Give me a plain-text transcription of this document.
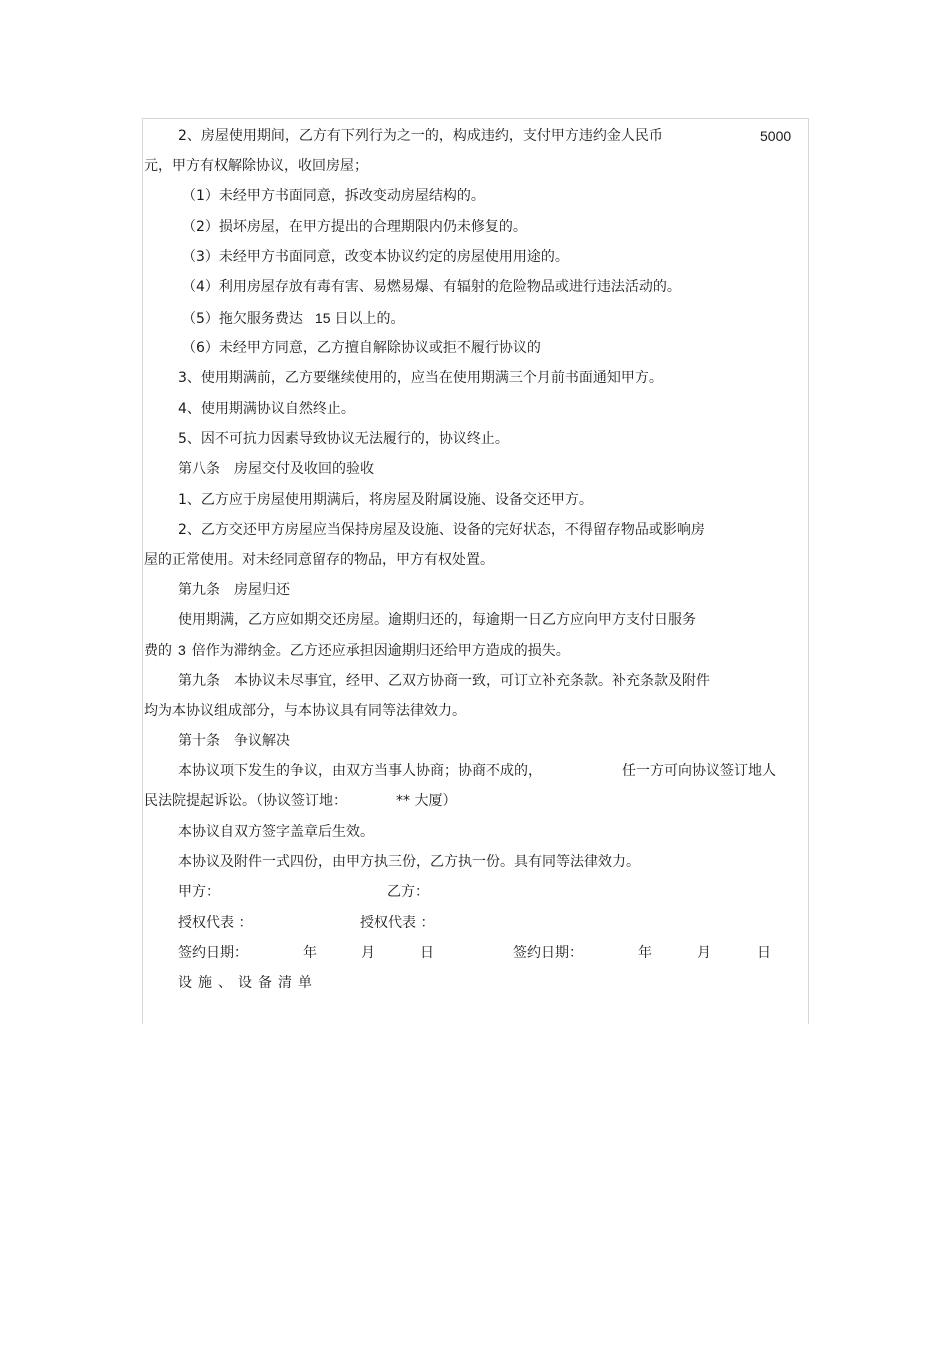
2、房屋使用期间，乙方有下列行为之一的，构成违约，支付甲方违约金人民币	5000
元，甲方有权解除协议，收回房屋；
（1）未经甲方书面同意，拆改变动房屋结构的。
（2）损坏房屋，在甲方提出的合理期限内仍未修复的。
（3）未经甲方书面同意，改变本协议约定的房屋使用用途的。
（4）利用房屋存放有毒有害、易燃易爆、有辐射的危险物品或进行违法活动的。
（5）拖欠服务费达 15 日以上的。
（6）未经甲方同意，乙方擅自解除协议或拒不履行协议的
3、使用期满前，乙方要继续使用的，应当在使用期满三个月前书面通知甲方。
4、使用期满协议自然终止。
5、因不可抗力因素导致协议无法履行的，协议终止。
第八条　房屋交付及收回的验收
1、乙方应于房屋使用期满后，将房屋及附属设施、设备交还甲方。
2、乙方交还甲方房屋应当保持房屋及设施、设备的完好状态，不得留存物品或影响房
屋的正常使用。对未经同意留存的物品，甲方有权处置。
第九条　房屋归还
使用期满，乙方应如期交还房屋。逾期归还的，每逾期一日乙方应向甲方支付日服务
费的 3 倍作为滞纳金。乙方还应承担因逾期归还给甲方造成的损失。
第九条　本协议未尽事宜，经甲、乙双方协商一致，可订立补充条款。补充条款及附件
均为本协议组成部分，与本协议具有同等法律效力。
第十条　争议解决
本协议项下发生的争议，由双方当事人协商；协商不成的，	任一方可向协议签订地人
民法院提起诉讼。（协议签订地：	** 大厦）
本协议自双方签字盖章后生效。
本协议及附件一式四份，由甲方执三份，乙方执一份。具有同等法律效力。
甲方：	乙方：
授权代表 ：	授权代表 ：
签约日期：	年	月	日	签约日期：	年	月	日
设施、设备清单
